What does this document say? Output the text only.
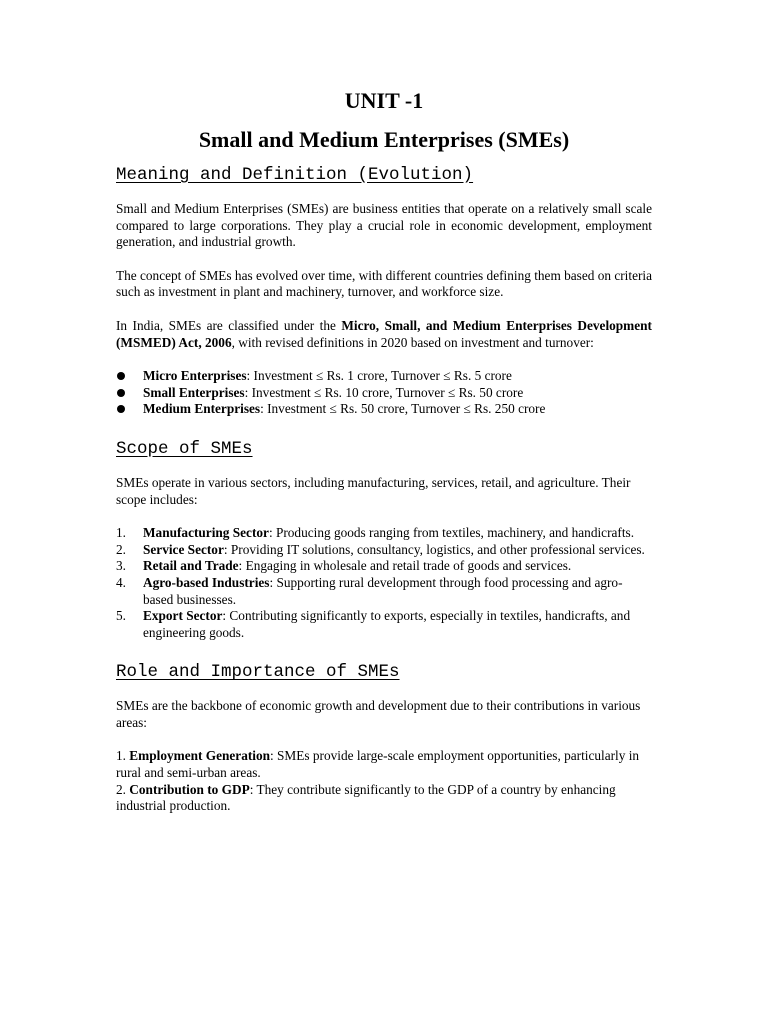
UNIT -1
Small and Medium Enterprises (SMEs)
Meaning and Definition (Evolution)

Small and Medium Enterprises (SMEs) are business entities that operate on a relatively small scale compared to large corporations. They play a crucial role in economic development, employment generation, and industrial growth.

The concept of SMEs has evolved over time, with different countries defining them based on criteria such as investment in plant and machinery, turnover, and workforce size.

In India, SMEs are classified under the Micro, Small, and Medium Enterprises Development (MSMED) Act, 2006, with revised definitions in 2020 based on investment and turnover:

Micro Enterprises: Investment ≤ Rs. 1 crore, Turnover ≤ Rs. 5 crore
Small Enterprises: Investment ≤ Rs. 10 crore, Turnover ≤ Rs. 50 crore
Medium Enterprises: Investment ≤ Rs. 50 crore, Turnover ≤ Rs. 250 crore
Scope of SMEs

SMEs operate in various sectors, including manufacturing, services, retail, and agriculture. Their scope includes:

1. Manufacturing Sector: Producing goods ranging from textiles, machinery, and handicrafts.
2. Service Sector: Providing IT solutions, consultancy, logistics, and other professional services.
3. Retail and Trade: Engaging in wholesale and retail trade of goods and services.
4. Agro-based Industries: Supporting rural development through food processing and agro-based businesses.
5. Export Sector: Contributing significantly to exports, especially in textiles, handicrafts, and engineering goods.
Role and Importance of SMEs

SMEs are the backbone of economic growth and development due to their contributions in various areas:

1. Employment Generation: SMEs provide large-scale employment opportunities, particularly in rural and semi-urban areas.

2. Contribution to GDP: They contribute significantly to the GDP of a country by enhancing industrial production.
